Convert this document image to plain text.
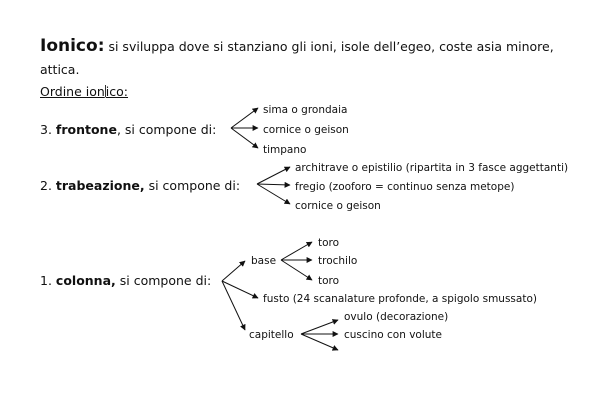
Ionico: si sviluppa dove si stanziano gli ioni, isole dell’egeo, coste asia minore,
attica.
Ordine ionico:
3. frontone, si compone di:
sima o grondaia
cornice o geison
timpano
2. trabeazione, si compone di:
architrave o epistilio (ripartita in 3 fasce aggettanti)
fregio (zooforo = continuo senza metope)
cornice o geison
1. colonna, si compone di:
base
toro
trochilo
toro
fusto (24 scanalature profonde, a spigolo smussato)
capitello
ovulo (decorazione)
cuscino con volute
